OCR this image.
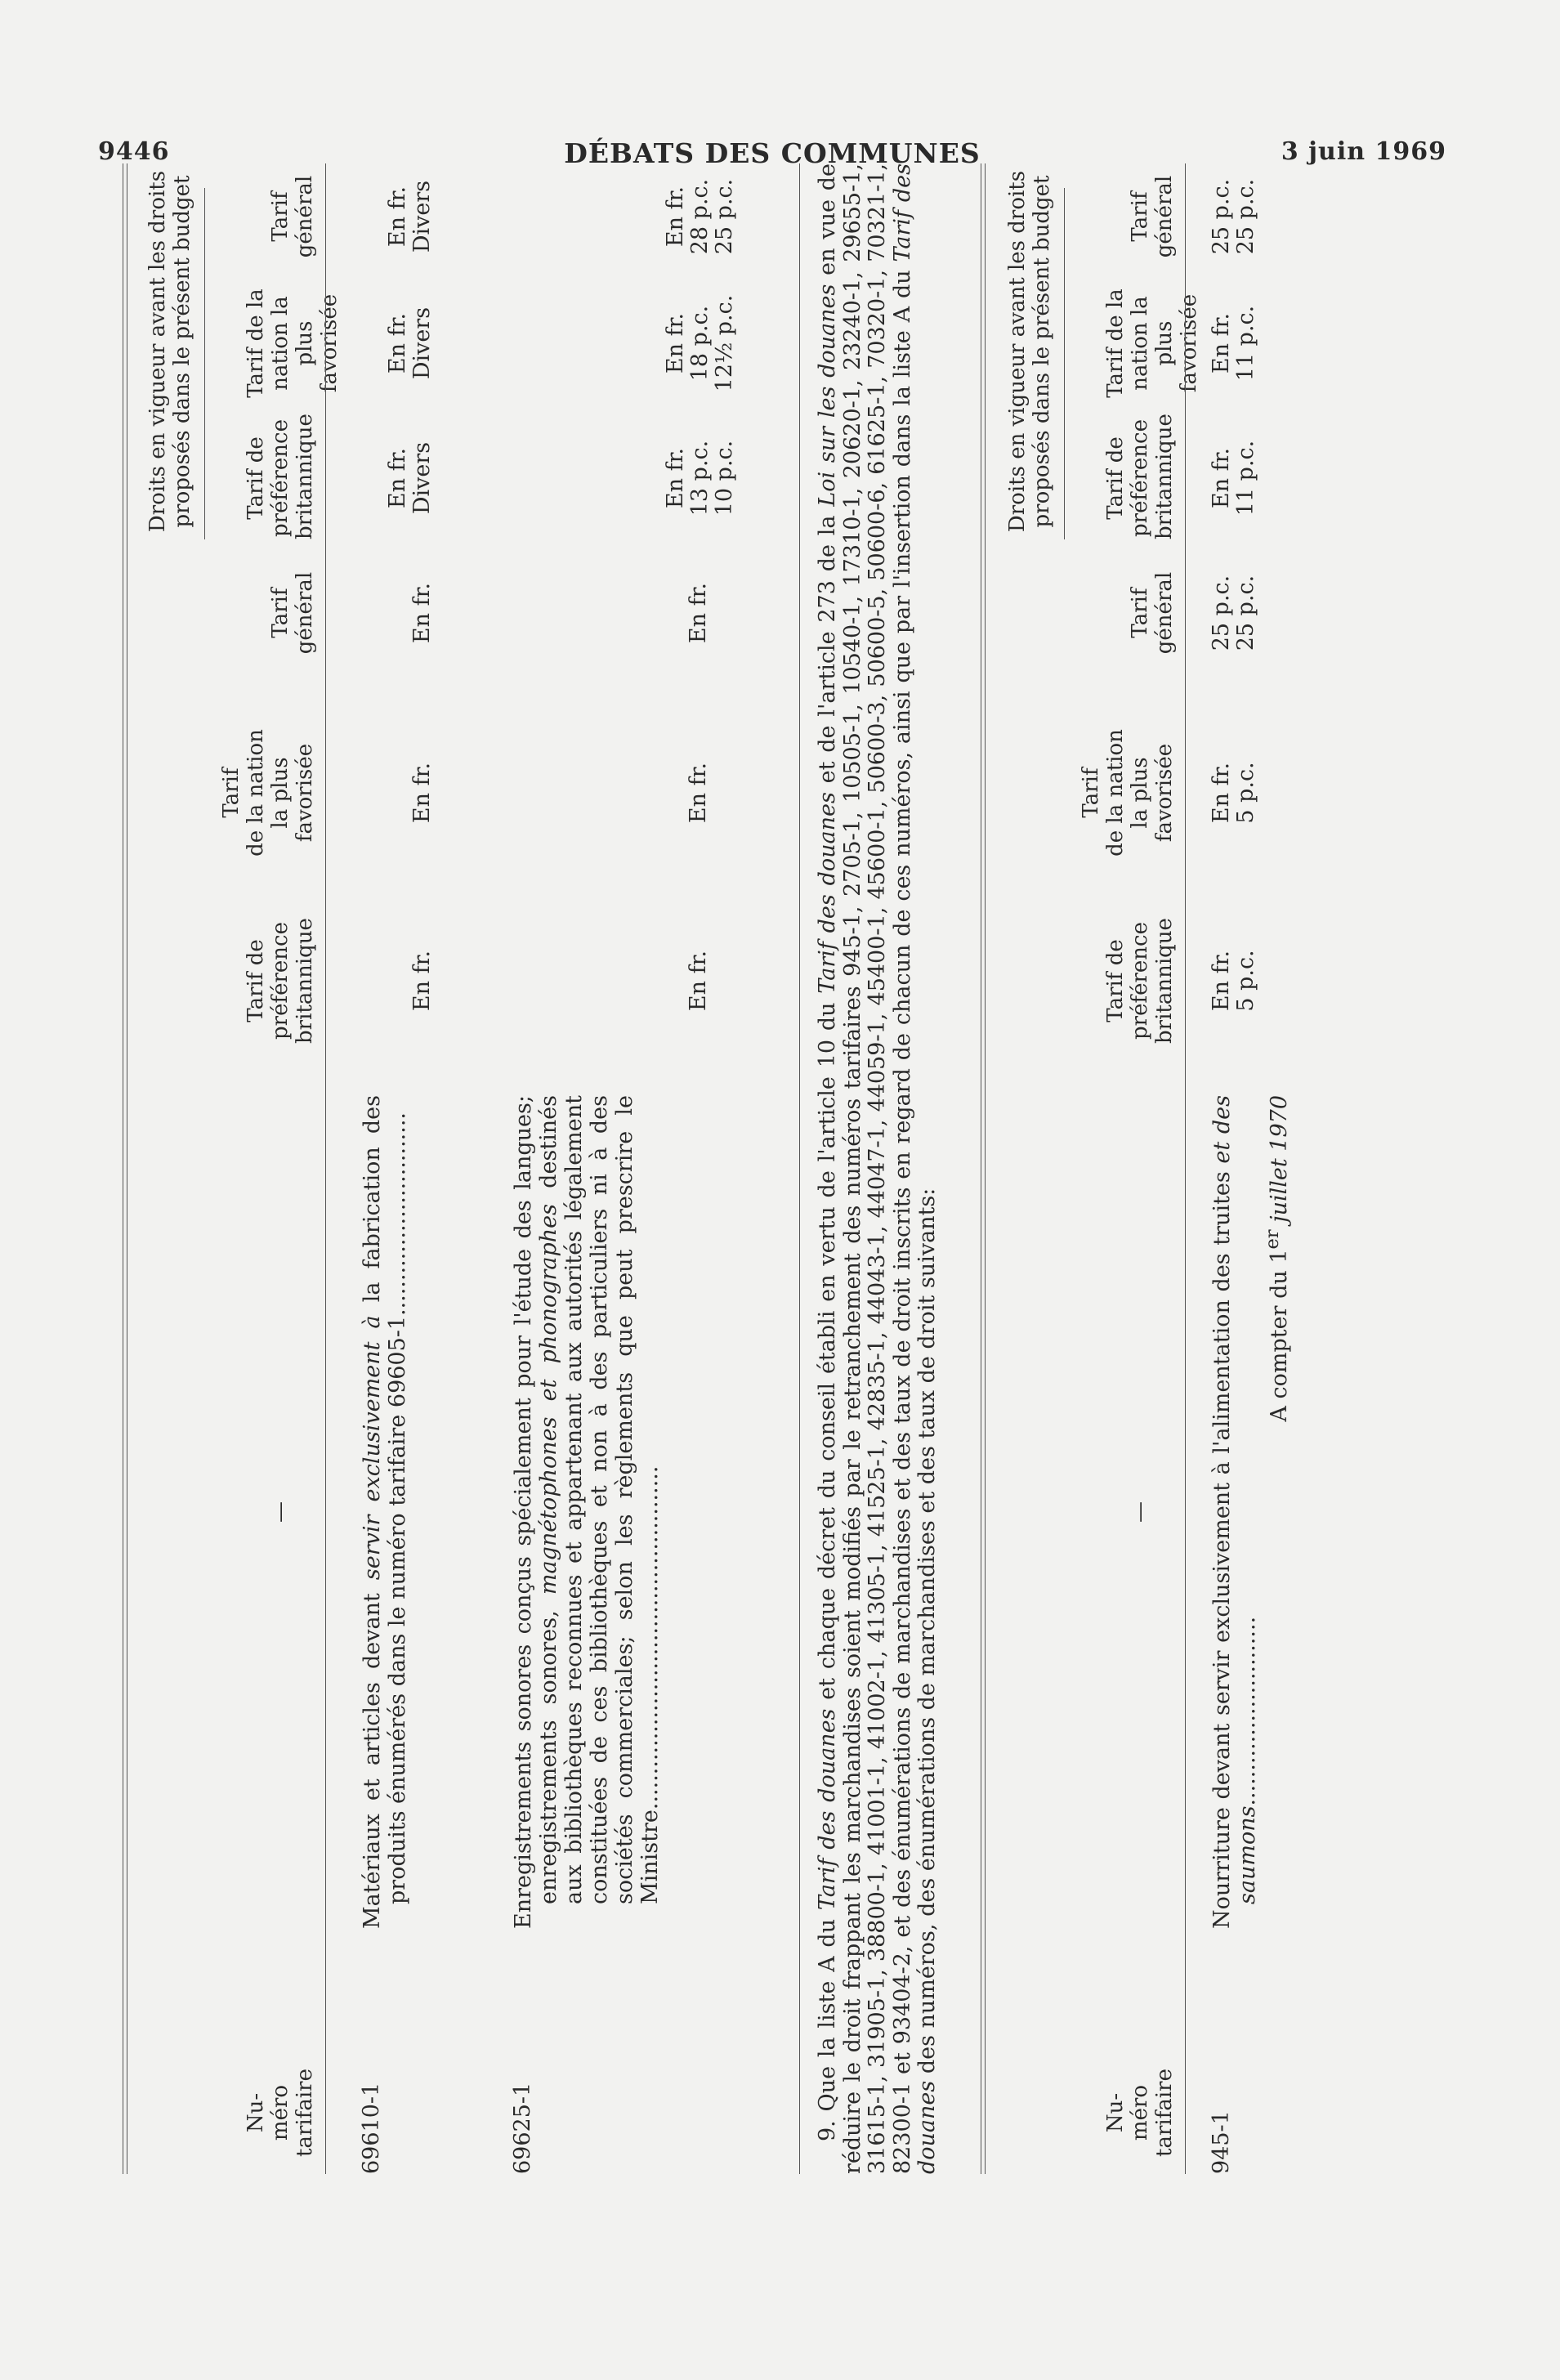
9446	DÉBATS DES COMMUNES	3 juin 1969
Nu- méro tarifaire
—
Tarif de préférence britannique
Tarif de la nation la plus favorisée
Tarif général
Droits en vigueur avant les droits proposés dans le présent budget Tarif de préférence britannique
Tarif de la nation la plus favorisée
Tarif général
69610-1
Matériaux et articles devant servir exclusivement à la fabrication des produits énumérés dans le numéro tarifaire 69605-1.............................
En fr.
En fr.
En fr.
En fr. Divers
En fr. Divers
En fr. Divers
69625-1
Enregistrements sonores conçus spécialement pour l'étude des langues; enregistrements sonores, magnétophones et phonographes destinés aux bibliothèques reconnues et appartenant aux autorités légalement constituées de ces bibliothèques et non à des particuliers ni à des sociétés commerciales; selon les règlements que peut prescrire le Ministre.................................................
En fr.
En fr.
En fr.
En fr. 13 p.c. 10 p.c.
En fr. 18 p.c. 12½ p.c.
En fr. 28 p.c. 25 p.c.

9. Que la liste A du Tarif des douanes et chaque décret du conseil établi en vertu de l'article 10 du Tarif des douanes et de l'article 273 de la Loi sur les douanes en vue de réduire le droit frappant les marchandises soient modifiés par le retranchement des numéros tarifaires 945-1, 2705-1, 10505-1, 10540-1, 17310-1, 20620-1, 23240-1, 29655-1, 31615-1, 31905-1, 38800-1, 41001-1, 41002-1, 41305-1, 41525-1, 42835-1, 44043-1, 44047-1, 44059-1, 45400-1, 45600-1, 50600-3, 50600-5, 50600-6, 61625-1, 70320-1, 70321-1, 82300-1 et 93404-2, et des énumérations de marchandises et des taux de droit inscrits en regard de chacun de ces numéros, ainsi que par l'insertion dans la liste A du Tarif des douanes des numéros, des énumérations de marchandises et des taux de droit suivants:

Nu- méro tarifaire
—
Tarif de préférence britannique
Tarif de la nation la plus favorisée
Tarif général
Droits en vigueur avant les droits proposés dans le présent budget Tarif de préférence britannique
Tarif de la nation la plus favorisée
Tarif général
945-1
Nourriture devant servir exclusivement à l'alimentation des truites et des saumons...........................
A compter du 1er juillet 1970
En fr. 5 p.c.
En fr. 5 p.c.
25 p.c. 25 p.c.
En fr. 11 p.c.
En fr. 11 p.c.
25 p.c. 25 p.c.
